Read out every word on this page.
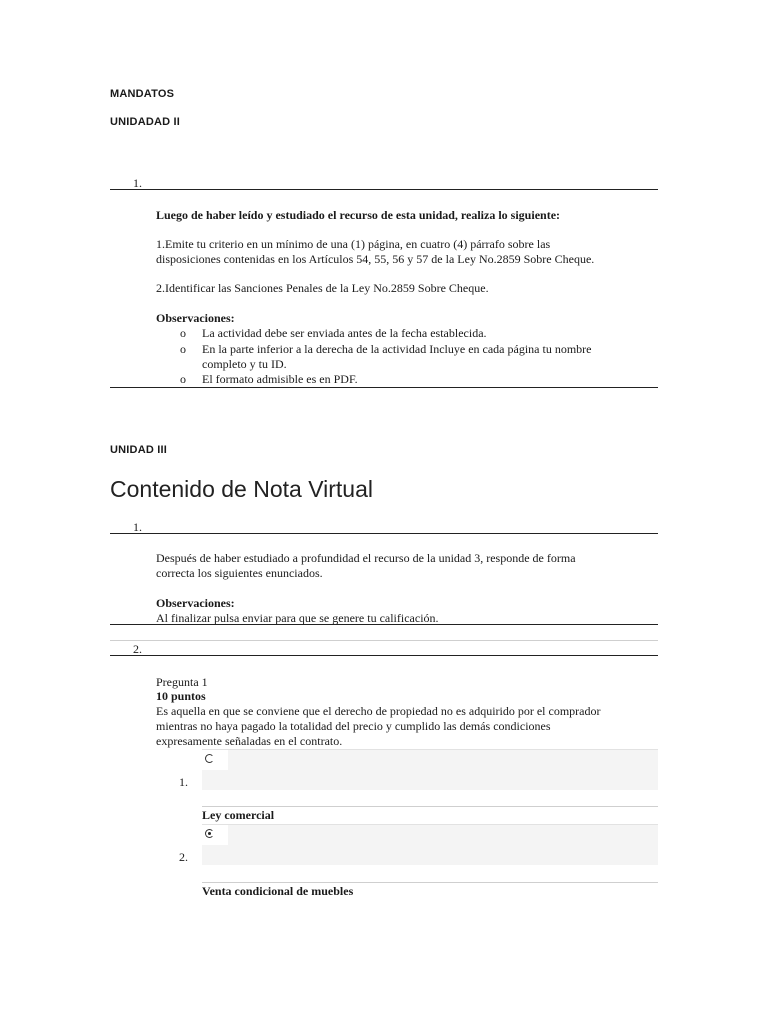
MANDATOS
UNIDADAD II
1.
Luego de haber leído y estudiado el recurso de esta unidad, realiza lo siguiente:
1.Emite tu criterio en un mínimo de una (1) página, en cuatro (4) párrafo sobre las
disposiciones contenidas en los Artículos 54, 55, 56 y 57 de la Ley No.2859 Sobre Cheque.
2.Identificar las Sanciones Penales de la Ley No.2859 Sobre Cheque.
Observaciones:
o La actividad debe ser enviada antes de la fecha establecida.
o En la parte inferior a la derecha de la actividad Incluye en cada página tu nombre
completo y tu ID.
o El formato admisible es en PDF.
UNIDAD III
Contenido de Nota Virtual
1.
Después de haber estudiado a profundidad el recurso de la unidad 3, responde de forma
correcta los siguientes enunciados.
Observaciones:
Al finalizar pulsa enviar para que se genere tu calificación.
2.
Pregunta 1
10 puntos
Es aquella en que se conviene que el derecho de propiedad no es adquirido por el comprador
mientras no haya pagado la totalidad del precio y cumplido las demás condiciones
expresamente señaladas en el contrato.
1.
Ley comercial
2.
Venta condicional de muebles
